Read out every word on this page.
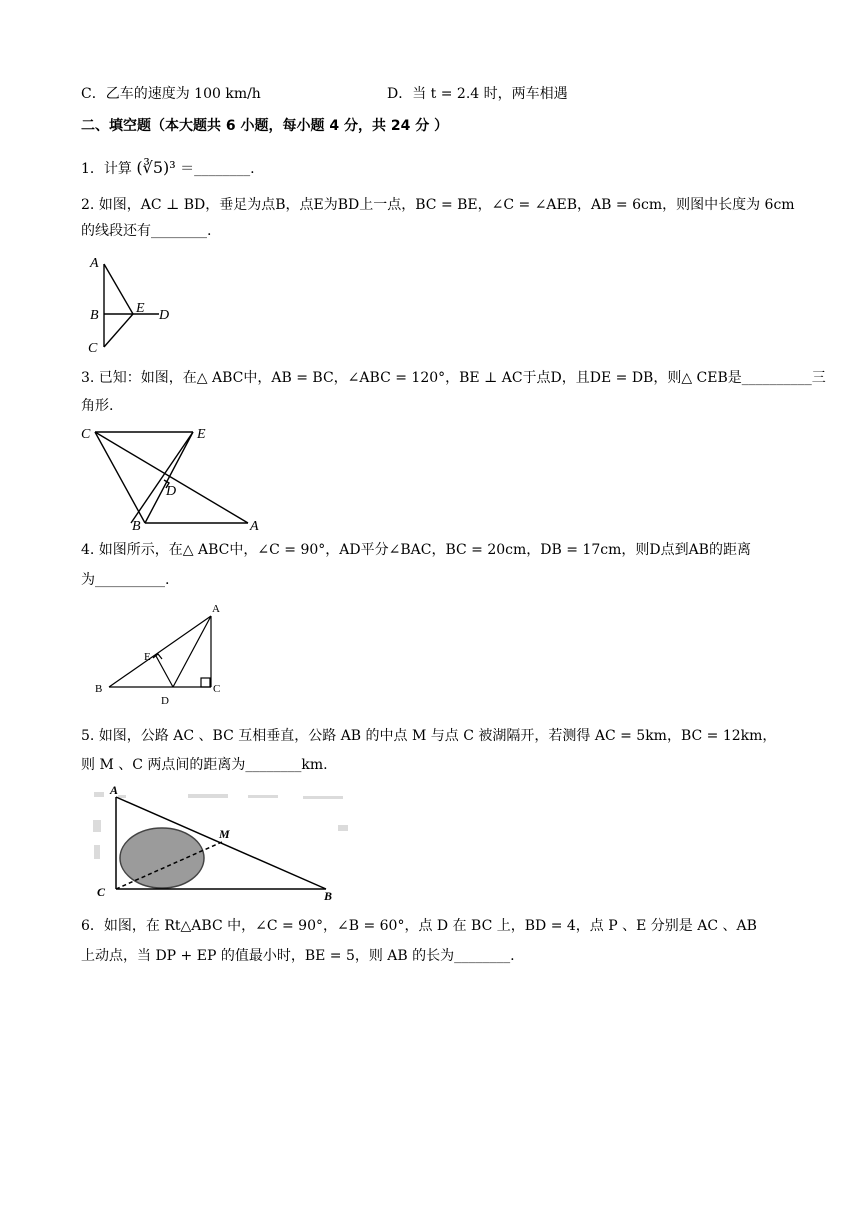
C．乙车的速度为 100 km/h	D．当 t = 2.4 时，两车相遇
二、填空题（本大题共 6 小题，每小题 4 分，共 24 分 ）
1．计算 (∛5)³ ＝________.
2. 如图，AC ⊥ BD，垂足为点B，点E为BD上一点，BC = BE，∠C = ∠AEB，AB = 6cm，则图中长度为 6cm
的线段还有________.
A
B	E D
C
3. 已知：如图，在△ ABC中，AB = BC，∠ABC = 120°，BE ⊥ AC于点D，且DE = DB，则△ CEB是__________三
角形.
C	E
D
B	A
4. 如图所示，在△ ABC中，∠C = 90°，AD平分∠BAC，BC = 20cm，DB = 17cm，则D点到AB的距离
为__________.
A
E
B
D
C
5. 如图，公路 AC 、BC 互相垂直，公路 AB 的中点 M 与点 C 被湖隔开，若测得 AC = 5km，BC = 12km，
则 M 、C 两点间的距离为________km.
A
M
C	B
6．如图，在 Rt△ABC 中，∠C = 90°，∠B = 60°，点 D 在 BC 上，BD = 4，点 P 、E 分别是 AC 、AB
上动点，当 DP + EP 的值最小时，BE = 5，则 AB 的长为________.
